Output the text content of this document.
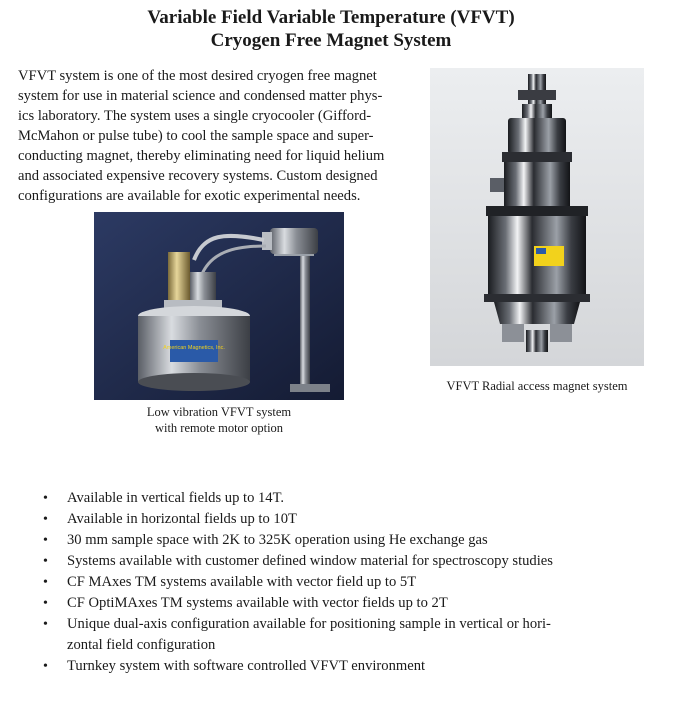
Variable Field Variable Temperature (VFVT)
Cryogen Free Magnet System
VFVT system is one of the most desired cryogen free magnet
system for use in material science and condensed matter phys-
ics laboratory. The system uses a single cryocooler (Gifford-
McMahon or pulse tube) to cool the sample space and super-
conducting magnet, thereby eliminating need for liquid helium
and associated expensive recovery systems. Custom designed
configurations are available for exotic experimental needs.
American Magnetics, Inc.
Low vibration VFVT system
with remote motor option
VFVT Radial access magnet system
• Available in vertical fields up to 14T.
• Available in horizontal fields up to 10T
• 30 mm sample space with 2K to 325K operation using He exchange gas
• Systems available with customer defined window material for spectroscopy studies
• CF MAxes TM systems available with vector field up to 5T
• CF OptiMAxes TM systems available with vector fields up to 2T
• Unique dual-axis configuration available for positioning sample in vertical or hori-
zontal field configuration
• Turnkey system with software controlled VFVT environment
